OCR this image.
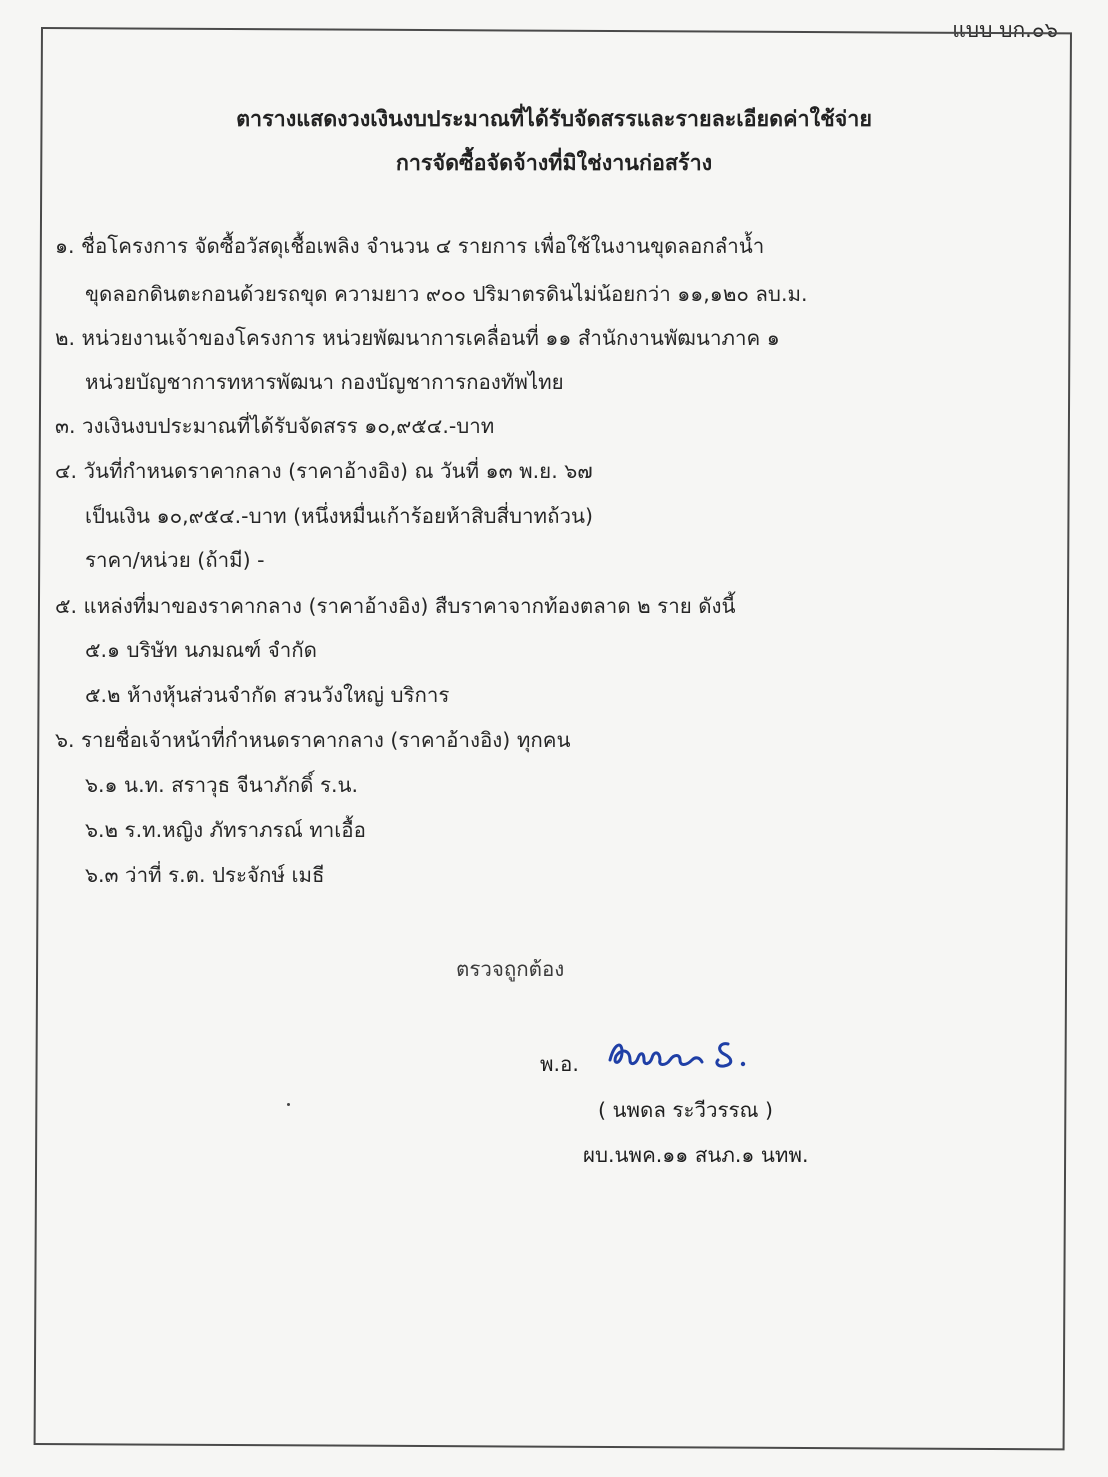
แบบ บก.๐๖
ตารางแสดงวงเงินงบประมาณที่ได้รับจัดสรรและรายละเอียดค่าใช้จ่าย
การจัดซื้อจัดจ้างที่มิใช่งานก่อสร้าง
๑. ชื่อโครงการ จัดซื้อวัสดุเชื้อเพลิง จำนวน ๔ รายการ เพื่อใช้ในงานขุดลอกลำน้ำ
ขุดลอกดินตะกอนด้วยรถขุด ความยาว ๙๐๐ ปริมาตรดินไม่น้อยกว่า ๑๑,๑๒๐ ลบ.ม.
๒. หน่วยงานเจ้าของโครงการ หน่วยพัฒนาการเคลื่อนที่ ๑๑ สำนักงานพัฒนาภาค ๑
หน่วยบัญชาการทหารพัฒนา กองบัญชาการกองทัพไทย
๓. วงเงินงบประมาณที่ได้รับจัดสรร ๑๐,๙๕๔.-บาท
๔. วันที่กำหนดราคากลาง (ราคาอ้างอิง) ณ วันที่ ๑๓ พ.ย. ๖๗
เป็นเงิน ๑๐,๙๕๔.-บาท (หนึ่งหมื่นเก้าร้อยห้าสิบสี่บาทถ้วน)
ราคา/หน่วย (ถ้ามี) -
๕. แหล่งที่มาของราคากลาง (ราคาอ้างอิง) สืบราคาจากท้องตลาด ๒ ราย ดังนี้
๕.๑ บริษัท นภมณฑ์ จำกัด
๕.๒ ห้างหุ้นส่วนจำกัด สวนวังใหญ่ บริการ
๖. รายชื่อเจ้าหน้าที่กำหนดราคากลาง (ราคาอ้างอิง) ทุกคน
๖.๑ น.ท. สราวุธ จีนาภักดิ์ ร.น.
๖.๒ ร.ท.หญิง ภัทราภรณ์ ทาเอื้อ
๖.๓ ว่าที่ ร.ต. ประจักษ์ เมธี
ตรวจถูกต้อง
พ.อ.
( นพดล ระวีวรรณ )
ผบ.นพค.๑๑ สนภ.๑ นทพ.
